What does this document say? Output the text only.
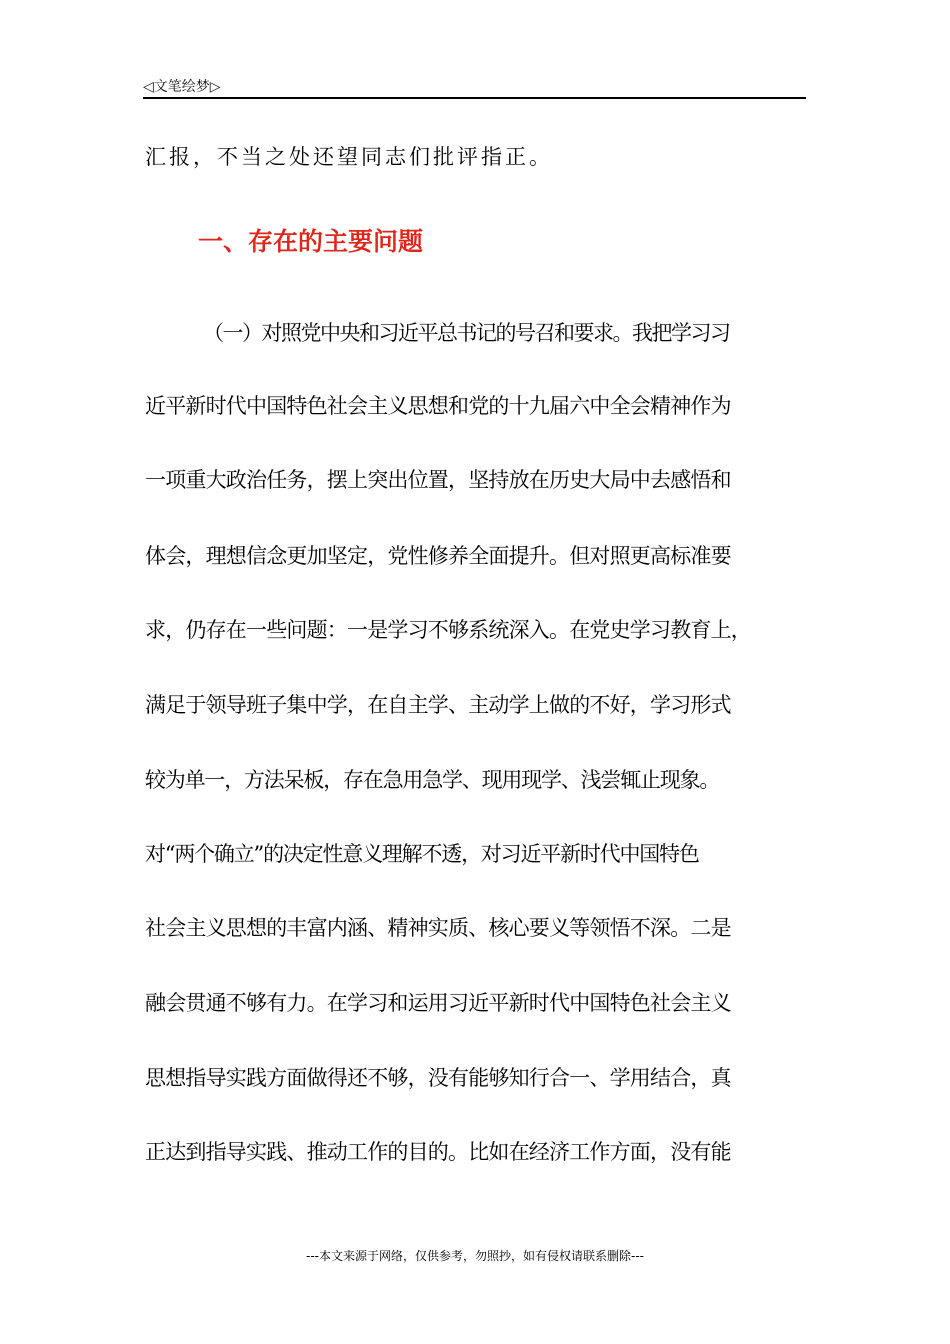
◁文笔绘梦▷
汇报，不当之处还望同志们批评指正。
一、存在的主要问题
（一）对照党中央和习近平总书记的号召和要求。我把学习习
近平新时代中国特色社会主义思想和党的十九届六中全会精神作为
一项重大政治任务，摆上突出位置，坚持放在历史大局中去感悟和
体会，理想信念更加坚定，党性修养全面提升。但对照更高标准要
求，仍存在一些问题：一是学习不够系统深入。在党史学习教育上，
满足于领导班子集中学，在自主学、主动学上做的不好，学习形式
较为单一，方法呆板，存在急用急学、现用现学、浅尝辄止现象。
对“两个确立”的决定性意义理解不透，对习近平新时代中国特色
社会主义思想的丰富内涵、精神实质、核心要义等领悟不深。二是
融会贯通不够有力。在学习和运用习近平新时代中国特色社会主义
思想指导实践方面做得还不够，没有能够知行合一、学用结合，真
正达到指导实践、推动工作的目的。比如在经济工作方面，没有能
---本文来源于网络，仅供参考，勿照抄，如有侵权请联系删除---
